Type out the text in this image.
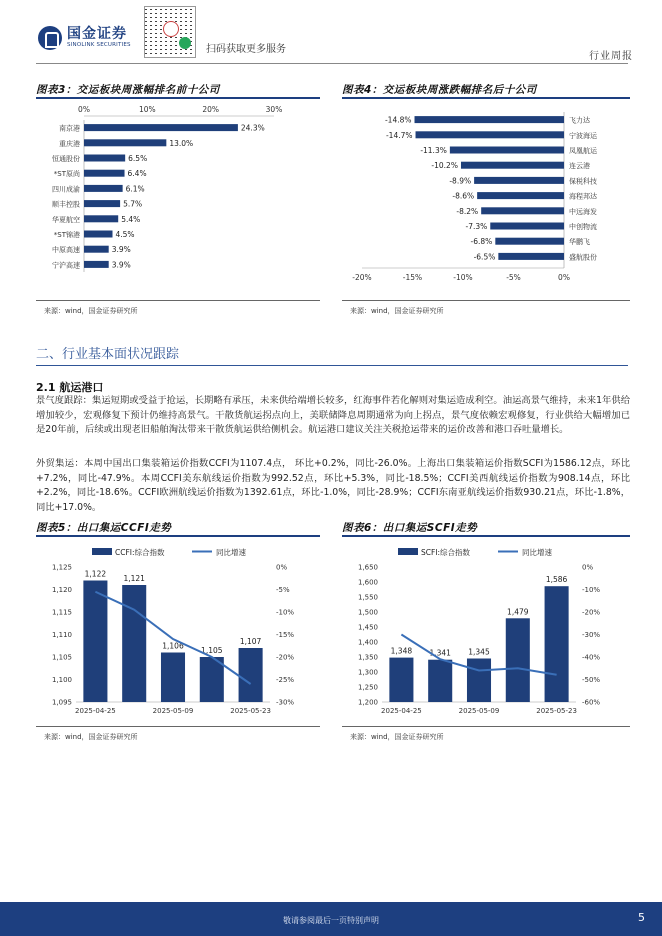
国金证券
SINOLINK SECURITIES	扫码获取更多服务
行业周报
图表3：交运板块周涨幅排名前十公司
0%	10%	20%	30%
南京港	24.3%
重庆港	13.0%
恒通股份	6.5%
*ST原尚	6.4%
四川成渝	6.1%
顺丰控股	5.7%
华夏航空	5.4%
*ST锦港	4.5%
中原高速	3.9%
宁沪高速	3.9%
来源：wind，国金证券研究所
图表4：交运板块周涨跌幅排名后十公司
-20%	-15%	-10%	-5%	0%
飞力达
-14.8%
宁波海运
-14.7%
凤凰航运
-11.3%
连云港
-10.2%
保税科技
-8.9%
海程邦达
-8.6%
中远海发
-8.2%
中创物流
-7.3%
华鹏飞
-6.8%
盛航股份
-6.5%
来源：wind，国金证券研究所
二、行业基本面状况跟踪
2.1 航运港口
景气度跟踪：集运短期或受益于抢运，长期略有承压，未来供给端增长较多，红海事件若化解则对集运造成利空。油运高景气维持，未来1年供给增加较少，宏观修复下预计仍维持高景气。干散货航运拐点向上，美联储降息周期通常为向上拐点，景气度依赖宏观修复，行业供给大幅增加已是20年前，后续或出现老旧船舶淘汰带来干散货航运供给侧机会。航运港口建议关注关税抢运带来的运价改善和港口吞吐量增长。
外贸集运：本周中国出口集装箱运价指数CCFI为1107.4点， 环比+0.2%，同比-26.0%。上海出口集装箱运价指数SCFI为1586.12点，环比+7.2%，同比-47.9%。本周CCFI美东航线运价指数为992.52点，环比+5.3%，同比-18.5%；CCFI美西航线运价指数为908.14点，环比+2.2%，同比-18.6%。CCFI欧洲航线运价指数为1392.61点，环比-1.0%，同比-28.9%；CCFI东南亚航线运价指数930.21点，环比-1.8%，同比+17.0%。
图表5：出口集运CCFI走势
CCFI:综合指数	同比增速
1,125
1,120
1,115
1,110
1,105
1,100
1,095
0%
-5%
-10%
-15%
-20%
-25%
-30%
1,122
2025-04-25
1,121
1,106
2025-05-09
1,105
1,107
2025-05-23
来源：wind，国金证券研究所
图表6：出口集运SCFI走势
SCFI:综合指数	同比增速
1,650
1,600
1,550
1,500
1,450
1,400
1,350
1,300
1,250
1,200
0%
-10%
-20%
-30%
-40%
-50%
-60%
1,348
2025-04-25
1,341 1,345
2025-05-09
1,479
1,586
2025-05-23
来源：wind，国金证券研究所
敬请参阅最后一页特别声明	5
